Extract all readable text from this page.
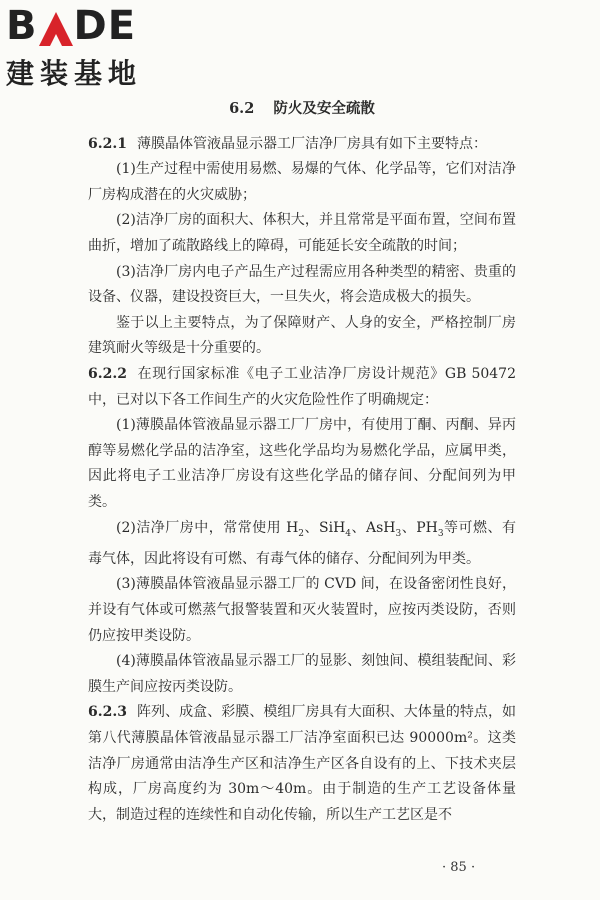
B DE
建装基地
6.2 防火及安全疏散

6.2.1 薄膜晶体管液晶显示器工厂洁净厂房具有如下主要特点：

(1)生产过程中需使用易燃、易爆的气体、化学品等，它们对洁净厂房构成潜在的火灾威胁；

(2)洁净厂房的面积大、体积大，并且常常是平面布置，空间布置曲折，增加了疏散路线上的障碍，可能延长安全疏散的时间；

(3)洁净厂房内电子产品生产过程需应用各种类型的精密、贵重的设备、仪器，建设投资巨大，一旦失火，将会造成极大的损失。

鉴于以上主要特点，为了保障财产、人身的安全，严格控制厂房建筑耐火等级是十分重要的。

6.2.2 在现行国家标准《电子工业洁净厂房设计规范》GB 50472中，已对以下各工作间生产的火灾危险性作了明确规定：

(1)薄膜晶体管液晶显示器工厂厂房中，有使用丁酮、丙酮、异丙醇等易燃化学品的洁净室，这些化学品均为易燃化学品，应属甲类，因此将电子工业洁净厂房设有这些化学品的储存间、分配间列为甲类。

(2)洁净厂房中，常常使用 $H_2$、SiH$_4$、AsH$_3$、$PH_3$等可燃、有毒气体，因此将设有可燃、有毒气体的储存、分配间列为甲类。

(3)薄膜晶体管液晶显示器工厂的 CVD 间，在设备密闭性良好，并设有气体或可燃蒸气报警装置和灭火装置时，应按丙类设防，否则仍应按甲类设防。

(4)薄膜晶体管液晶显示器工厂的显影、刻蚀间、模组装配间、彩膜生产间应按丙类设防。

6.2.3 阵列、成盒、彩膜、模组厂房具有大面积、大体量的特点，如第八代薄膜晶体管液晶显示器工厂洁净室面积已达 90000m²。这类洁净厂房通常由洁净生产区和洁净生产区各自设有的上、下技术夹层构成，厂房高度约为 30m～40m。由于制造的生产工艺设备体量大，制造过程的连续性和自动化传输，所以生产工艺区是不

· 85 ·
